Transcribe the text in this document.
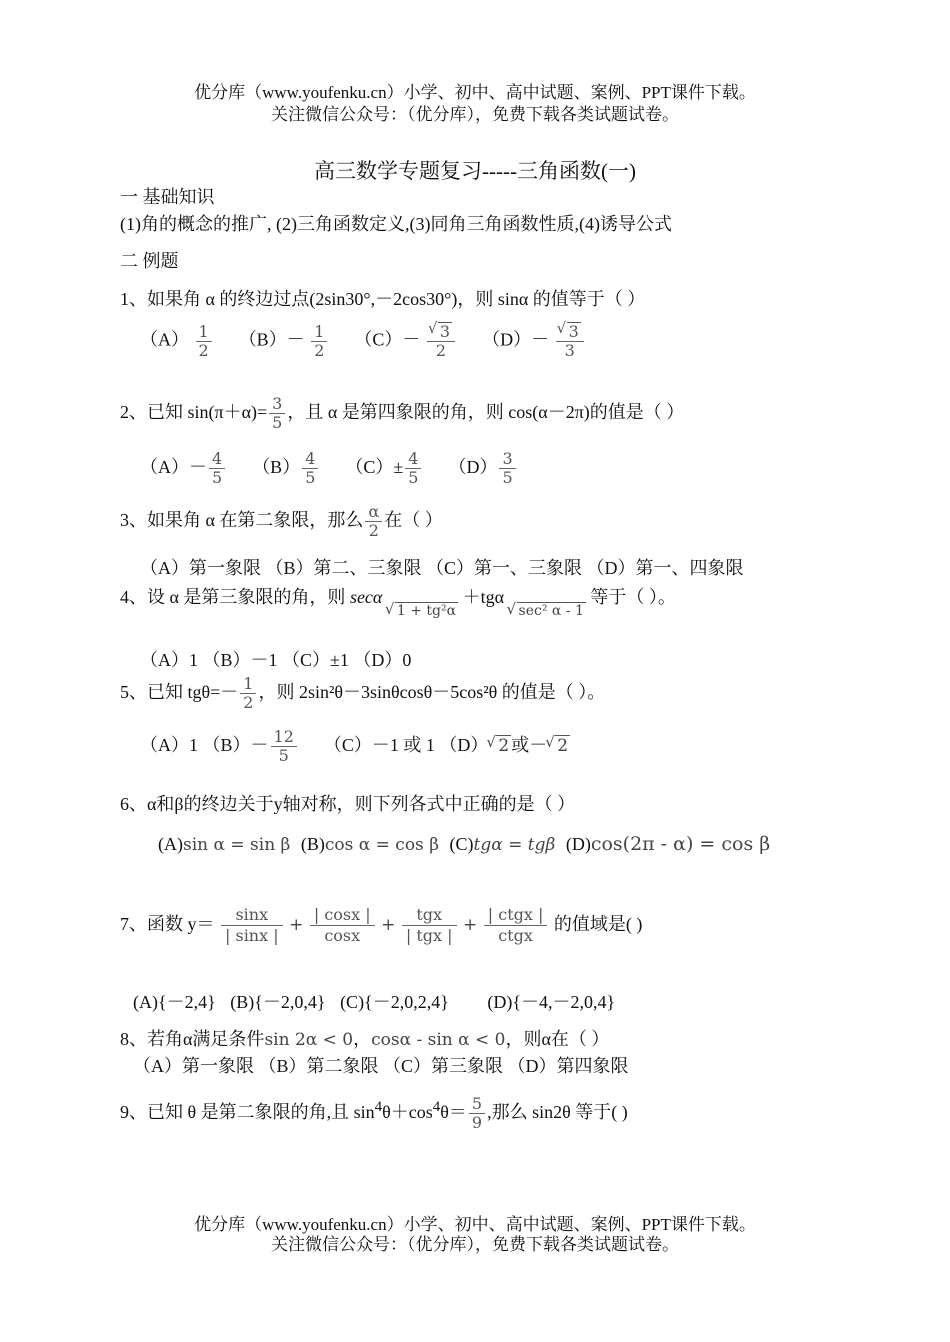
优分库（www.youfenku.cn）小学、初中、高中试题、案例、PPT课件下载。
关注微信公众号：（优分库），免费下载各类试题试卷。
高三数学专题复习-----三角函数(一)
一 基础知识
(1)角的概念的推广, (2)三角函数定义,(3)同角三角函数性质,(4)诱导公式
二 例题
1、如果角 α 的终边过点(2sin30°,－2cos30°)，则 sinα 的值等于（ ）
$(A) \frac{1}{2} (B)- \frac{1}{2} (C)-$ √ $\frac{3}{2} (D)-$ √ $\frac{3}{3}$
2、已知 $\sin(\pi+\alpha)= \frac{3}{5}$ ，且 α 是第四象限的角，则 cos(α－2π)的值是（ ）
$(A)- \frac{4}{5} (B) \frac{4}{5} (C)\pm \frac{4}{5} (D) \frac{3}{5}$
3、如果角 α 在第二象限，那么 $\frac{\alpha}{2}$ 在（ ）
（A）第一象限 （B）第二、三象限 （C）第一、三象限 （D）第一、四象限
4、设 α 是第三象限的角，则 secα √ $_{1 + tg^2\alpha}$ ＋tgα √ $_{sec^2 \alpha - 1}$ 等于（ ）。
（A）1 （B）－1 （C）±1 （D）0
5、已知 $tg\theta=- \frac{1}{2}$ ，则 2sin²θ－3sinθcosθ－5cos²θ 的值是（ ）。
（A）1 $(B)- \frac{12}{5} (C)-1$ 或 1 （D） √ 2 或－ √ 2
6、α和β的终边关于y轴对称，则下列各式中正确的是（ ）
(A)sin α = sin β (B)cos α = cos β (C)tgα = tgβ (D)cos(2π - α) = cos β
7、函数 $y= \frac{\sin x}{| \sin x |} + \frac{| \cos x |}{\cos x} + \frac{\text{tgx}}{\text{| tgx |}} + \frac{\text{| ctgx |}}{\text{ctgx}}$ 的值域是( )
(A){－2,4} (B){－2,0,4} (C){－2,0,2,4} (D){－4,－2,0,4}
8、若角α满足条件sin 2α < 0，cosα - sin α < 0，则α在（ ）
（A）第一象限 （B）第二象限 （C）第三象限 （D）第四象限
9、已知 θ 是第二象限的角,且 $\sin^4\theta+\cos^4\theta= \frac{5}{9}$ ,那么 sin2θ 等于( )
优分库（www.youfenku.cn）小学、初中、高中试题、案例、PPT课件下载。
关注微信公众号：（优分库），免费下载各类试题试卷。
